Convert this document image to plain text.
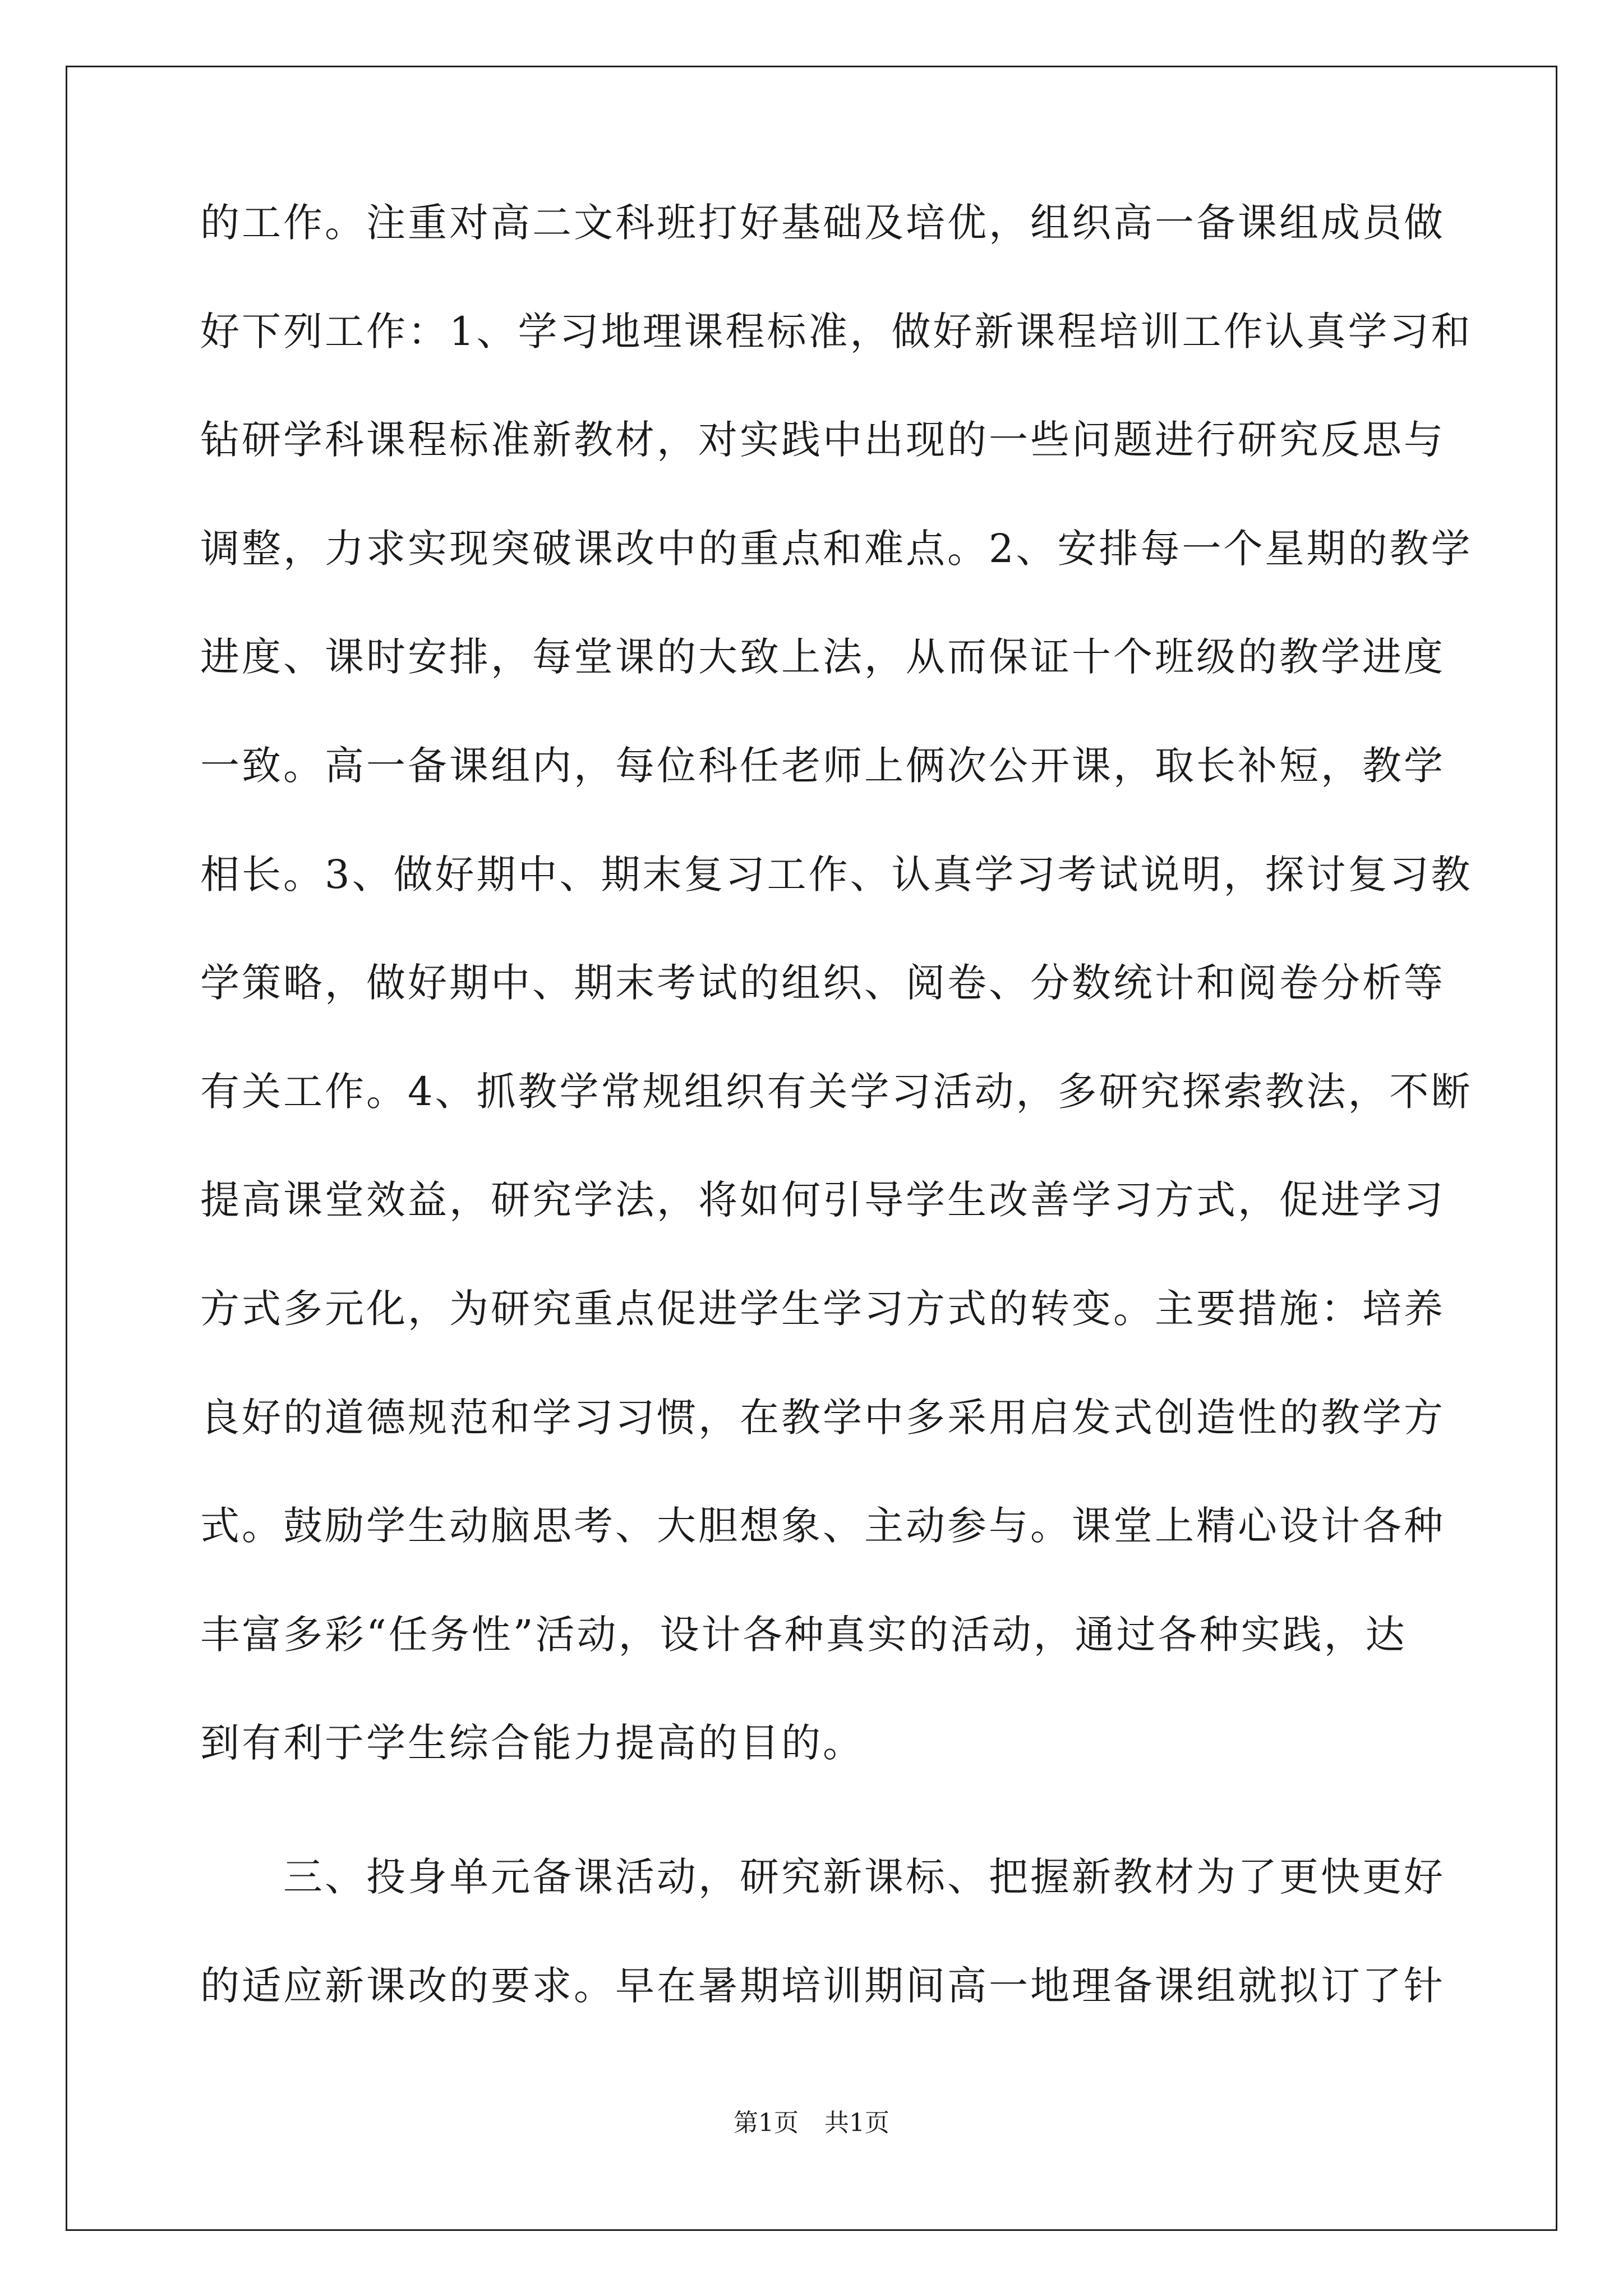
的工作。注重对高二文科班打好基础及培优，组织高一备课组成员做
好下列工作：1、学习地理课程标准，做好新课程培训工作认真学习和
钻研学科课程标准新教材，对实践中出现的一些问题进行研究反思与
调整，力求实现突破课改中的重点和难点。2、安排每一个星期的教学
进度、课时安排，每堂课的大致上法，从而保证十个班级的教学进度
一致。高一备课组内，每位科任老师上俩次公开课，取长补短，教学
相长。3、做好期中、期末复习工作、认真学习考试说明，探讨复习教
学策略，做好期中、期末考试的组织、阅卷、分数统计和阅卷分析等
有关工作。4、抓教学常规组织有关学习活动，多研究探索教法，不断
提高课堂效益，研究学法，将如何引导学生改善学习方式，促进学习
方式多元化，为研究重点促进学生学习方式的转变。主要措施：培养
良好的道德规范和学习习惯，在教学中多采用启发式创造性的教学方
式。鼓励学生动脑思考、大胆想象、主动参与。课堂上精心设计各种
丰富多彩“任务性”活动，设计各种真实的活动，通过各种实践，达
到有利于学生综合能力提高的目的。
三、投身单元备课活动，研究新课标、把握新教材为了更快更好
的适应新课改的要求。早在暑期培训期间高一地理备课组就拟订了针
第1页 共1页
